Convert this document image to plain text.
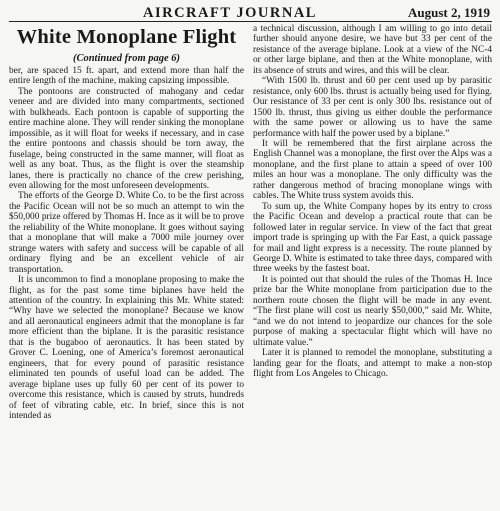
AIRCRAFT JOURNAL	August 2, 1919
White Monoplane Flight
(Continued from page 6)

ber, are spaced 15 ft. apart, and extend more than half the entire length of the machine, making capsizing impossible.

The pontoons are constructed of mahogany and cedar veneer and are divided into many compartments, sectioned with bulkheads. Each pontoon is capable of supporting the entire machine alone. They will render sinking the monoplane impossible, as it will float for weeks if necessary, and in case the entire pontoons and chassis should be torn away, the fuselage, being constructed in the same manner, will float as well as any boat. Thus, as the flight is over the steamship lanes, there is practically no chance of the crew perishing, even allowing for the most unforeseen developments.

The efforts of the George D. White Co. to be the first across the Pacific Ocean will not be so much an attempt to win the $50,000 prize offered by Thomas H. Ince as it will be to prove the reliability of the White monoplane. It goes without saying that a monoplane that will make a 7000 mile journey over strange waters with safety and success will be capable of all ordinary flying and be an excellent vehicle of air transportation.

It is uncommon to find a monoplane proposing to make the flight, as for the past some time biplanes have held the attention of the country. In explaining this Mr. White stated: “Why have we selected the monoplane? Because we know and all aeronautical engineers admit that the monoplane is far more efficient than the biplane. It is the parasitic resistance that is the bugaboo of aeronautics. It has been stated by Grover C. Loening, one of America’s foremost aeronautical engineers, that for every pound of parasitic resistance eliminated ten pounds of useful load can be added. The average biplane uses up fully 60 per cent of its power to overcome this resistance, which is caused by struts, hundreds of feet of vibrating cable, etc. In brief, since this is not intended as

a technical discussion, although I am willing to go into detail further should anyone desire, we have but 33 per cent of the resistance of the average biplane. Look at a view of the NC-4 or other large biplane, and then at the White monoplane, with its absence of struts and wires, and this will be clear.

“With 1500 lb. thrust and 60 per cent used up by parasitic resistance, only 600 lbs. thrust is actually being used for flying. Our resistance of 33 per cent is only 300 lbs. resistance out of 1500 lb. thrust, thus giving us either double the performance with the same power or allowing us to have the same performance with half the power used by a biplane.”

It will be remembered that the first airplane across the English Channel was a monoplane, the first over the Alps was a monoplane, and the first plane to attain a speed of over 100 miles an hour was a monoplane. The only difficulty was the rather dangerous method of bracing monoplane wings with cables. The White truss system avoids this.

To sum up, the White Company hopes by its entry to cross the Pacific Ocean and develop a practical route that can be followed later in regular service. In view of the fact that great import trade is springing up with the Far East, a quick passage for mail and light express is a necessity. The route planned by George D. White is estimated to take three days, compared with three weeks by the fastest boat.

It is pointed out that should the rules of the Thomas H. Ince prize bar the White monoplane from participation due to the northern route chosen the flight will be made in any event. “The first plane will cost us nearly $50,000,” said Mr. White, “and we do not intend to jeopardize our chances for the sole purpose of making a spectacular flight which will have no ultimate value.”

Later it is planned to remodel the monoplane, substituting a landing gear for the floats, and attempt to make a non-stop flight from Los Angeles to Chicago.
